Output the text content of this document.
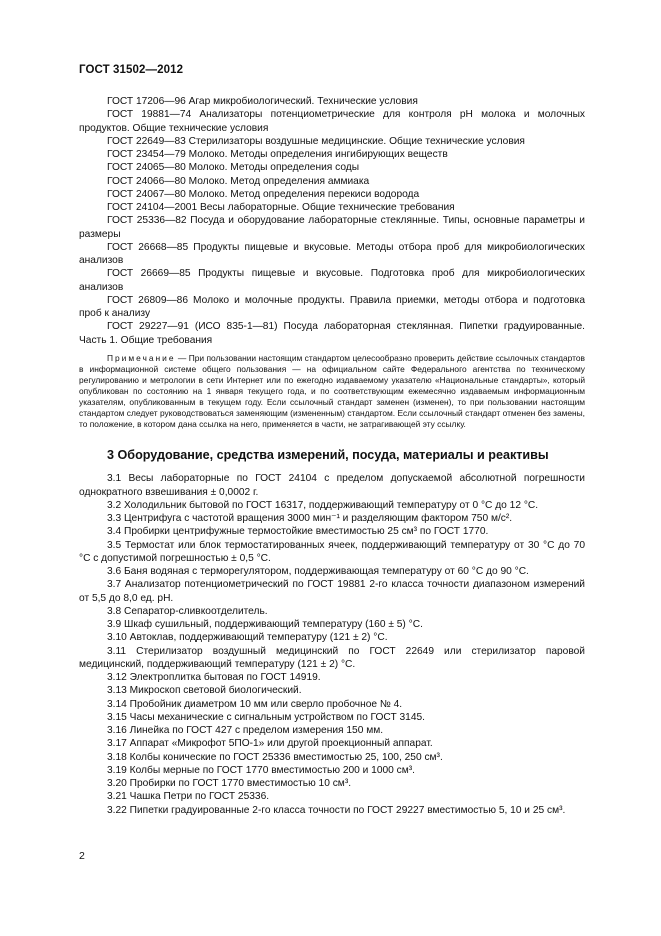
ГОСТ 31502—2012

ГОСТ 17206—96 Агар микробиологический. Технические условия

ГОСТ 19881—74 Анализаторы потенциометрические для контроля pH молока и молочных продуктов. Общие технические условия

ГОСТ 22649—83 Стерилизаторы воздушные медицинские. Общие технические условия

ГОСТ 23454—79 Молоко. Методы определения ингибирующих веществ

ГОСТ 24065—80 Молоко. Методы определения соды

ГОСТ 24066—80 Молоко. Метод определения аммиака

ГОСТ 24067—80 Молоко. Метод определения перекиси водорода

ГОСТ 24104—2001 Весы лабораторные. Общие технические требования

ГОСТ 25336—82 Посуда и оборудование лабораторные стеклянные. Типы, основные параметры и размеры

ГОСТ 26668—85 Продукты пищевые и вкусовые. Методы отбора проб для микробиологических анализов

ГОСТ 26669—85 Продукты пищевые и вкусовые. Подготовка проб для микробиологических анализов

ГОСТ 26809—86 Молоко и молочные продукты. Правила приемки, методы отбора и подготовка проб к анализу

ГОСТ 29227—91 (ИСО 835-1—81) Посуда лабораторная стеклянная. Пипетки градуированные. Часть 1. Общие требования

Примечание — При пользовании настоящим стандартом целесообразно проверить действие ссылочных стандартов в информационной системе общего пользования — на официальном сайте Федерального агентства по техническому регулированию и метрологии в сети Интернет или по ежегодно издаваемому указателю «Национальные стандарты», который опубликован по состоянию на 1 января текущего года, и по соответствующим ежемесячно издаваемым информационным указателям, опубликованным в текущем году. Если ссылочный стандарт заменен (изменен), то при пользовании настоящим стандартом следует руководствоваться заменяющим (измененным) стандартом. Если ссылочный стандарт отменен без замены, то положение, в котором дана ссылка на него, применяется в части, не затрагивающей эту ссылку.

3 Оборудование, средства измерений, посуда, материалы и реактивы

3.1 Весы лабораторные по ГОСТ 24104 с пределом допускаемой абсолютной погрешности однократного взвешивания ± 0,0002 г.

3.2 Холодильник бытовой по ГОСТ 16317, поддерживающий температуру от 0 °C до 12 °C.

3.3 Центрифуга с частотой вращения 3000 мин⁻¹ и разделяющим фактором 750 м/с².

3.4 Пробирки центрифужные термостойкие вместимостью 25 см³ по ГОСТ 1770.

3.5 Термостат или блок термостатированных ячеек, поддерживающий температуру от 30 °C до 70 °C с допустимой погрешностью ± 0,5 °C.

3.6 Баня водяная с терморегулятором, поддерживающая температуру от 60 °C до 90 °C.

3.7 Анализатор потенциометрический по ГОСТ 19881 2-го класса точности диапазоном измерений от 5,5 до 8,0 ед. pH.

3.8 Сепаратор-сливкоотделитель.

3.9 Шкаф сушильный, поддерживающий температуру (160 ± 5) °C.

3.10 Автоклав, поддерживающий температуру (121 ± 2) °C.

3.11 Стерилизатор воздушный медицинский по ГОСТ 22649 или стерилизатор паровой медицинский, поддерживающий температуру (121 ± 2) °C.

3.12 Электроплитка бытовая по ГОСТ 14919.

3.13 Микроскоп световой биологический.

3.14 Пробойник диаметром 10 мм или сверло пробочное № 4.

3.15 Часы механические с сигнальным устройством по ГОСТ 3145.

3.16 Линейка по ГОСТ 427 с пределом измерения 150 мм.

3.17 Аппарат «Микрофот 5ПО-1» или другой проекционный аппарат.

3.18 Колбы конические по ГОСТ 25336 вместимостью 25, 100, 250 см³.

3.19 Колбы мерные по ГОСТ 1770 вместимостью 200 и 1000 см³.

3.20 Пробирки по ГОСТ 1770 вместимостью 10 см³.

3.21 Чашка Петри по ГОСТ 25336.

3.22 Пипетки градуированные 2-го класса точности по ГОСТ 29227 вместимостью 5, 10 и 25 см³.

2
